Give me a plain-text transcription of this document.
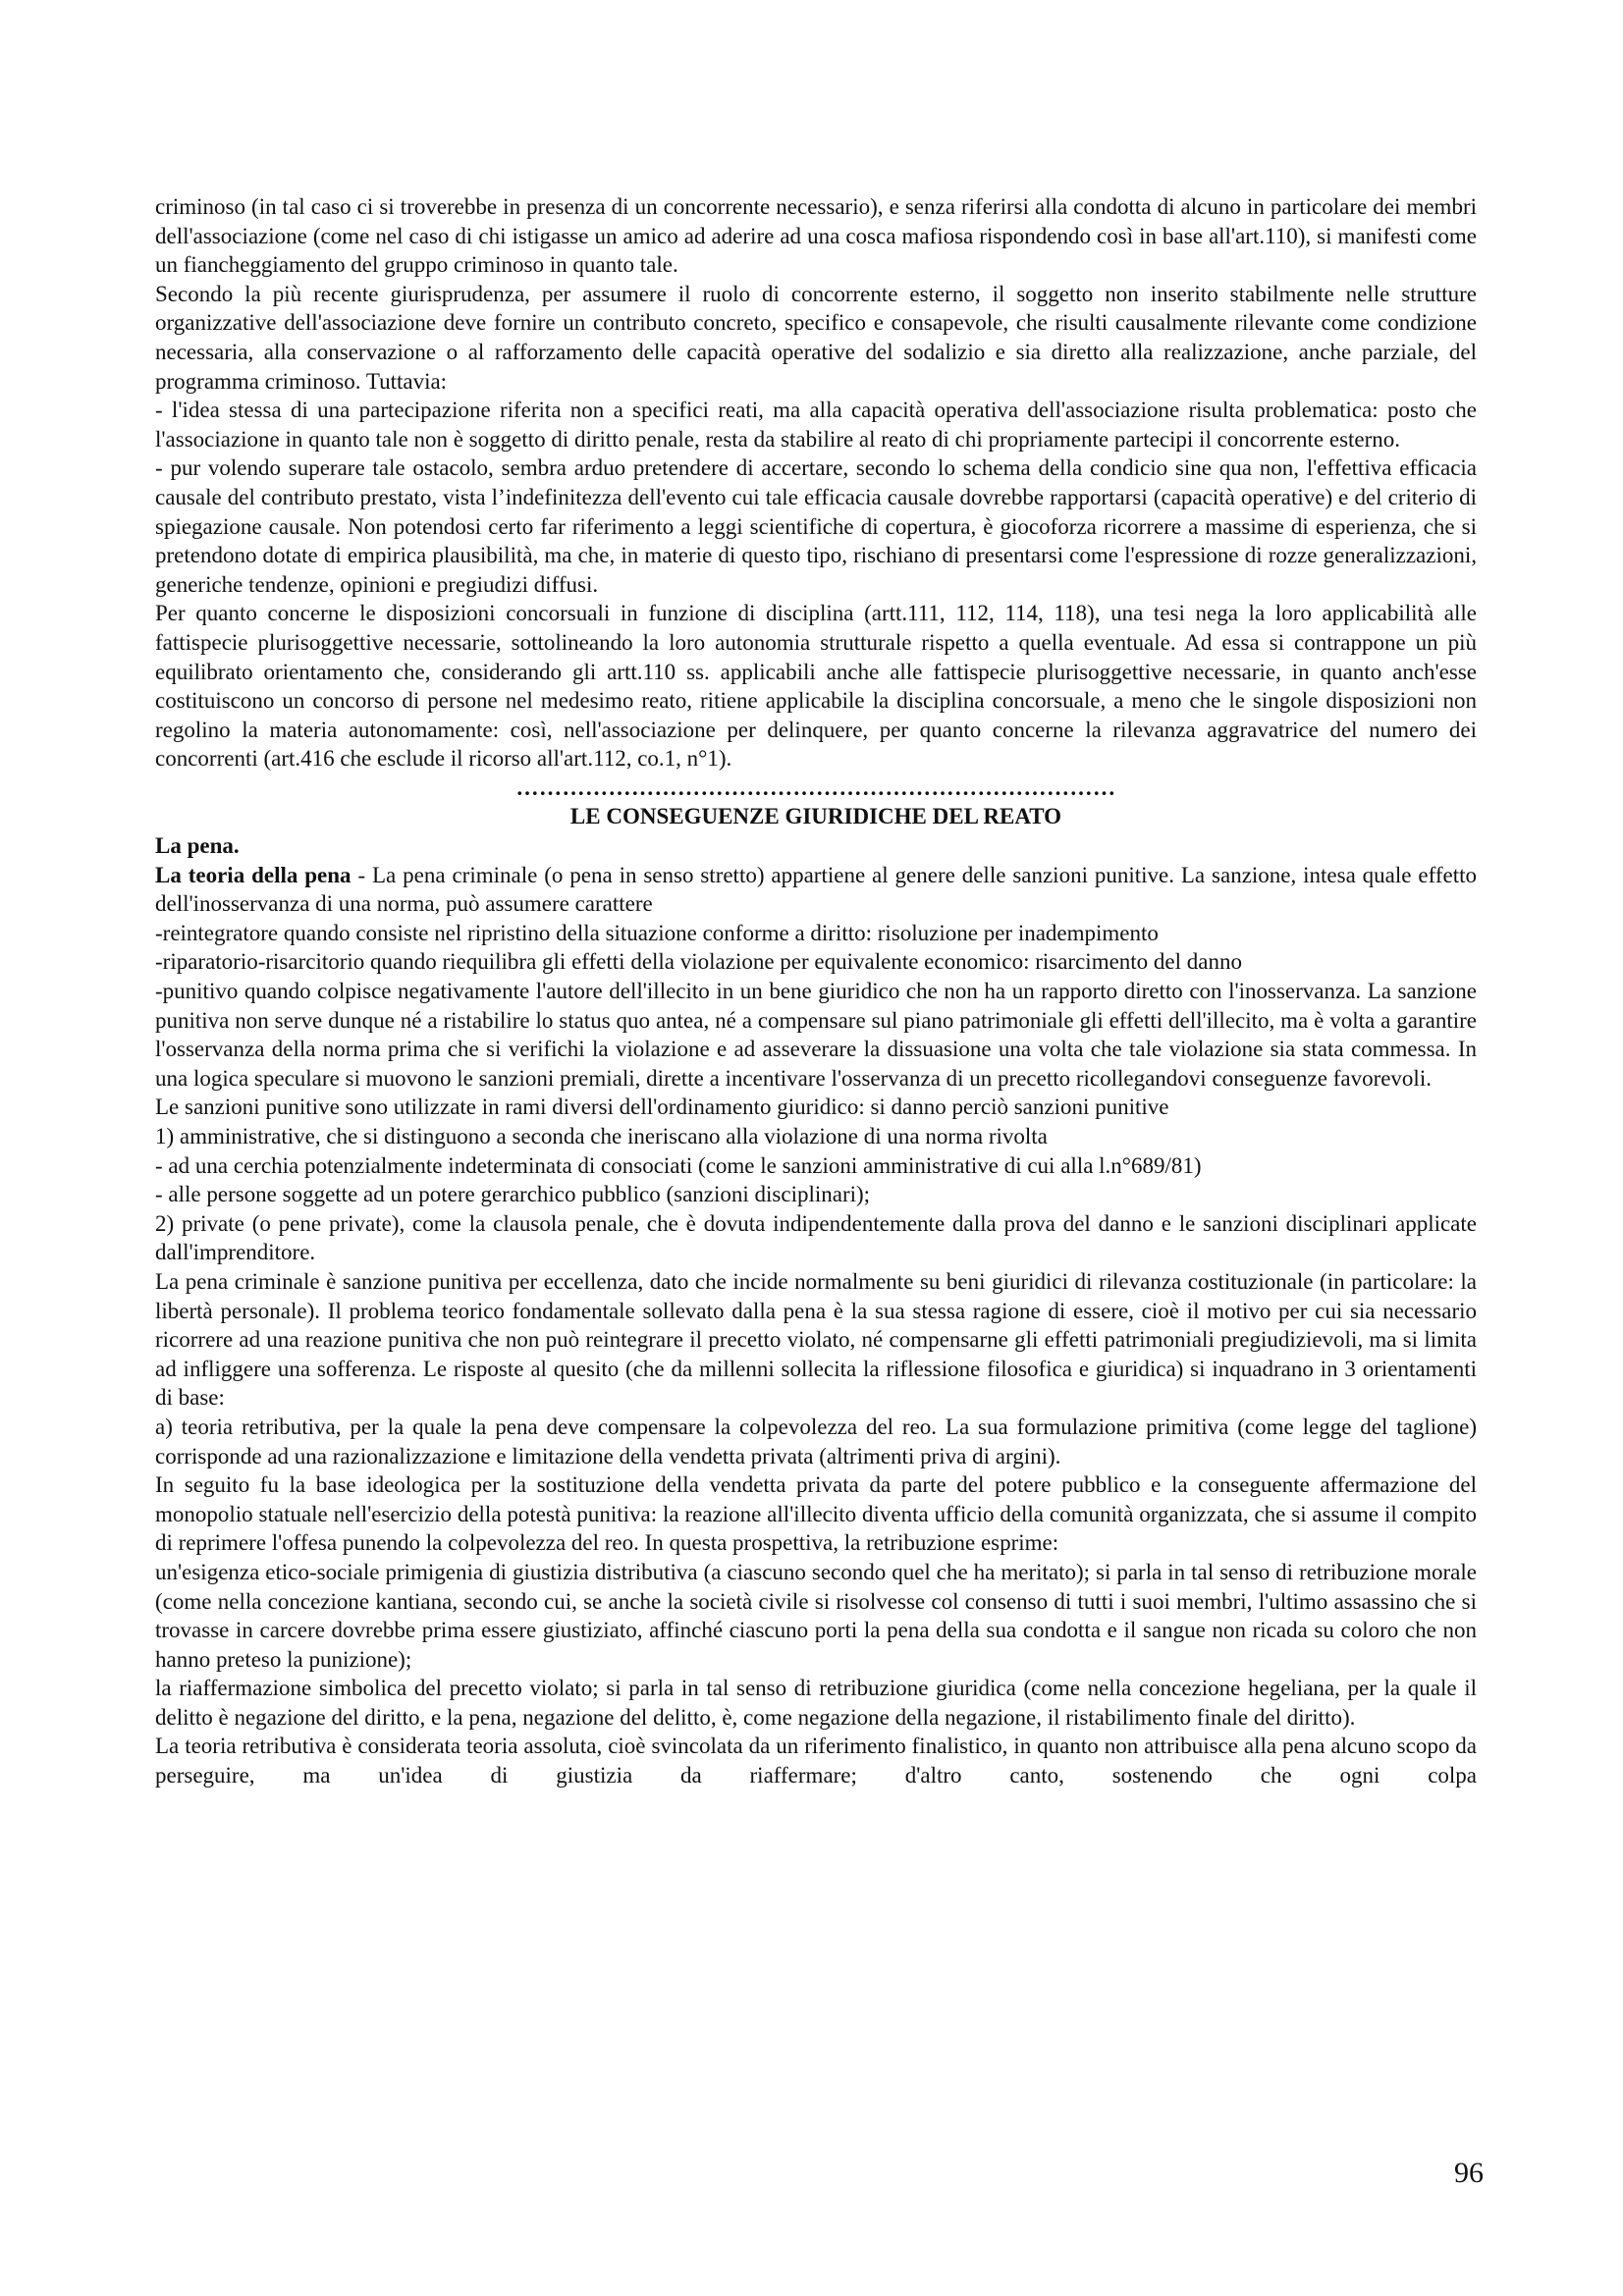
criminoso (in tal caso ci si troverebbe in presenza di un concorrente necessario), e senza riferirsi alla condotta di alcuno in particolare dei membri dell'associazione (come nel caso di chi istigasse un amico ad aderire ad una cosca mafiosa rispondendo così in base all'art.110), si manifesti come un fiancheggiamento del gruppo criminoso in quanto tale.

Secondo la più recente giurisprudenza, per assumere il ruolo di concorrente esterno, il soggetto non inserito stabilmente nelle strutture organizzative dell'associazione deve fornire un contributo concreto, specifico e consapevole, che risulti causalmente rilevante come condizione necessaria, alla conservazione o al rafforzamento delle capacità operative del sodalizio e sia diretto alla realizzazione, anche parziale, del programma criminoso. Tuttavia:

- l'idea stessa di una partecipazione riferita non a specifici reati, ma alla capacità operativa dell'associazione risulta problematica: posto che l'associazione in quanto tale non è soggetto di diritto penale, resta da stabilire al reato di chi propriamente partecipi il concorrente esterno.

- pur volendo superare tale ostacolo, sembra arduo pretendere di accertare, secondo lo schema della condicio sine qua non, l'effettiva efficacia causale del contributo prestato, vista l’indefinitezza dell'evento cui tale efficacia causale dovrebbe rapportarsi (capacità operative) e del criterio di spiegazione causale. Non potendosi certo far riferimento a leggi scientifiche di copertura, è giocoforza ricorrere a massime di esperienza, che si pretendono dotate di empirica plausibilità, ma che, in materie di questo tipo, rischiano di presentarsi come l'espressione di rozze generalizzazioni, generiche tendenze, opinioni e pregiudizi diffusi.

Per quanto concerne le disposizioni concorsuali in funzione di disciplina (artt.111, 112, 114, 118), una tesi nega la loro applicabilità alle fattispecie plurisoggettive necessarie, sottolineando la loro autonomia strutturale rispetto a quella eventuale. Ad essa si contrappone un più equilibrato orientamento che, considerando gli artt.110 ss. applicabili anche alle fattispecie plurisoggettive necessarie, in quanto anch'esse costituiscono un concorso di persone nel medesimo reato, ritiene applicabile la disciplina concorsuale, a meno che le singole disposizioni non regolino la materia autonomamente: così, nell'associazione per delinquere, per quanto concerne la rilevanza aggravatrice del numero dei concorrenti (art.416 che esclude il ricorso all'art.112, co.1, n°1).

……………………………………………………………………

LE CONSEGUENZE GIURIDICHE DEL REATO

La pena.

La teoria della pena - La pena criminale (o pena in senso stretto) appartiene al genere delle sanzioni punitive. La sanzione, intesa quale effetto dell'inosservanza di una norma, può assumere carattere

-reintegratore quando consiste nel ripristino della situazione conforme a diritto: risoluzione per inadempimento

-riparatorio-risarcitorio quando riequilibra gli effetti della violazione per equivalente economico: risarcimento del danno

-punitivo quando colpisce negativamente l'autore dell'illecito in un bene giuridico che non ha un rapporto diretto con l'inosservanza. La sanzione punitiva non serve dunque né a ristabilire lo status quo antea, né a compensare sul piano patrimoniale gli effetti dell'illecito, ma è volta a garantire l'osservanza della norma prima che si verifichi la violazione e ad asseverare la dissuasione una volta che tale violazione sia stata commessa. In una logica speculare si muovono le sanzioni premiali, dirette a incentivare l'osservanza di un precetto ricollegandovi conseguenze favorevoli.

Le sanzioni punitive sono utilizzate in rami diversi dell'ordinamento giuridico: si danno perciò sanzioni punitive

1) amministrative, che si distinguono a seconda che ineriscano alla violazione di una norma rivolta

- ad una cerchia potenzialmente indeterminata di consociati (come le sanzioni amministrative di cui alla l.n°689/81)

- alle persone soggette ad un potere gerarchico pubblico (sanzioni disciplinari);

2) private (o pene private), come la clausola penale, che è dovuta indipendentemente dalla prova del danno e le sanzioni disciplinari applicate dall'imprenditore.

La pena criminale è sanzione punitiva per eccellenza, dato che incide normalmente su beni giuridici di rilevanza costituzionale (in particolare: la libertà personale). Il problema teorico fondamentale sollevato dalla pena è la sua stessa ragione di essere, cioè il motivo per cui sia necessario ricorrere ad una reazione punitiva che non può reintegrare il precetto violato, né compensarne gli effetti patrimoniali pregiudizievoli, ma si limita ad infliggere una sofferenza. Le risposte al quesito (che da millenni sollecita la riflessione filosofica e giuridica) si inquadrano in 3 orientamenti di base:

a) teoria retributiva, per la quale la pena deve compensare la colpevolezza del reo. La sua formulazione primitiva (come legge del taglione) corrisponde ad una razionalizzazione e limitazione della vendetta privata (altrimenti priva di argini).

In seguito fu la base ideologica per la sostituzione della vendetta privata da parte del potere pubblico e la conseguente affermazione del monopolio statuale nell'esercizio della potestà punitiva: la reazione all'illecito diventa ufficio della comunità organizzata, che si assume il compito di reprimere l'offesa punendo la colpevolezza del reo. In questa prospettiva, la retribuzione esprime:

un'esigenza etico-sociale primigenia di giustizia distributiva (a ciascuno secondo quel che ha meritato); si parla in tal senso di retribuzione morale (come nella concezione kantiana, secondo cui, se anche la società civile si risolvesse col consenso di tutti i suoi membri, l'ultimo assassino che si trovasse in carcere dovrebbe prima essere giustiziato, affinché ciascuno porti la pena della sua condotta e il sangue non ricada su coloro che non hanno preteso la punizione);

la riaffermazione simbolica del precetto violato; si parla in tal senso di retribuzione giuridica (come nella concezione hegeliana, per la quale il delitto è negazione del diritto, e la pena, negazione del delitto, è, come negazione della negazione, il ristabilimento finale del diritto).

La teoria retributiva è considerata teoria assoluta, cioè svincolata da un riferimento finalistico, in quanto non attribuisce alla pena alcuno scopo da perseguire, ma un'idea di giustizia da riaffermare; d'altro canto, sostenendo che ogni colpa

96
